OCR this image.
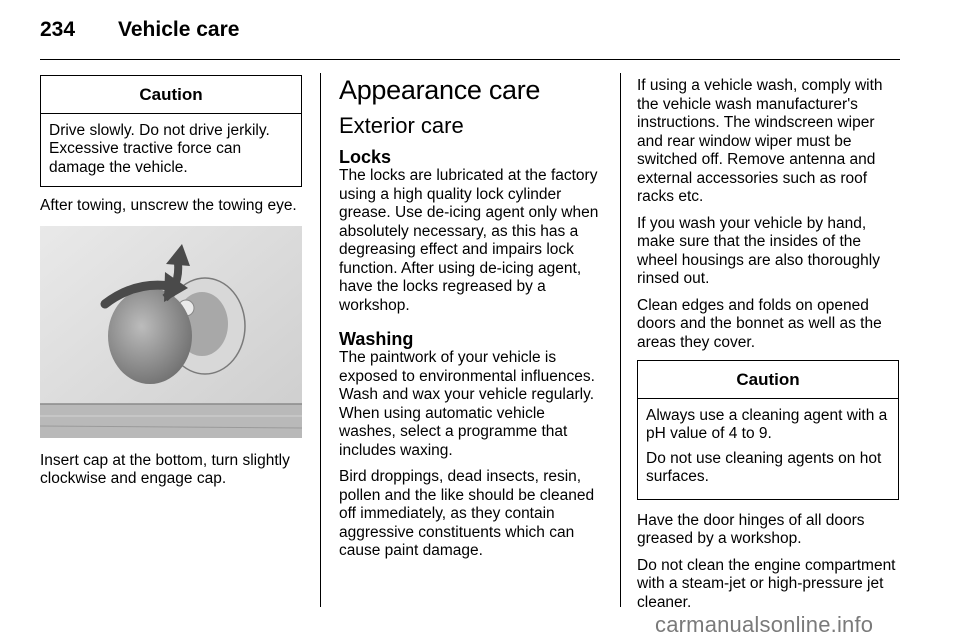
234 Vehicle care
Caution

Drive slowly. Do not drive jerkily. Excessive tractive force can damage the vehicle.

After towing, unscrew the towing eye.

Insert cap at the bottom, turn slightly clockwise and engage cap.

Appearance care
Exterior care
Locks

The locks are lubricated at the factory using a high quality lock cylinder grease. Use de-icing agent only when absolutely necessary, as this has a degreasing effect and impairs lock function. After using de-icing agent, have the locks regreased by a workshop.

Washing

The paintwork of your vehicle is exposed to environmental influences. Wash and wax your vehicle regularly. When using automatic vehicle washes, select a programme that includes waxing.

Bird droppings, dead insects, resin, pollen and the like should be cleaned off immediately, as they contain aggressive constituents which can cause paint damage.

If using a vehicle wash, comply with the vehicle wash manufacturer's instructions. The windscreen wiper and rear window wiper must be switched off. Remove antenna and external accessories such as roof racks etc.

If you wash your vehicle by hand, make sure that the insides of the wheel housings are also thoroughly rinsed out.

Clean edges and folds on opened doors and the bonnet as well as the areas they cover.

Caution

Always use a cleaning agent with a pH value of 4 to 9.

Do not use cleaning agents on hot surfaces.

Have the door hinges of all doors greased by a workshop.

Do not clean the engine compartment with a steam-jet or high-pressure jet cleaner.

carmanualsonline.info
